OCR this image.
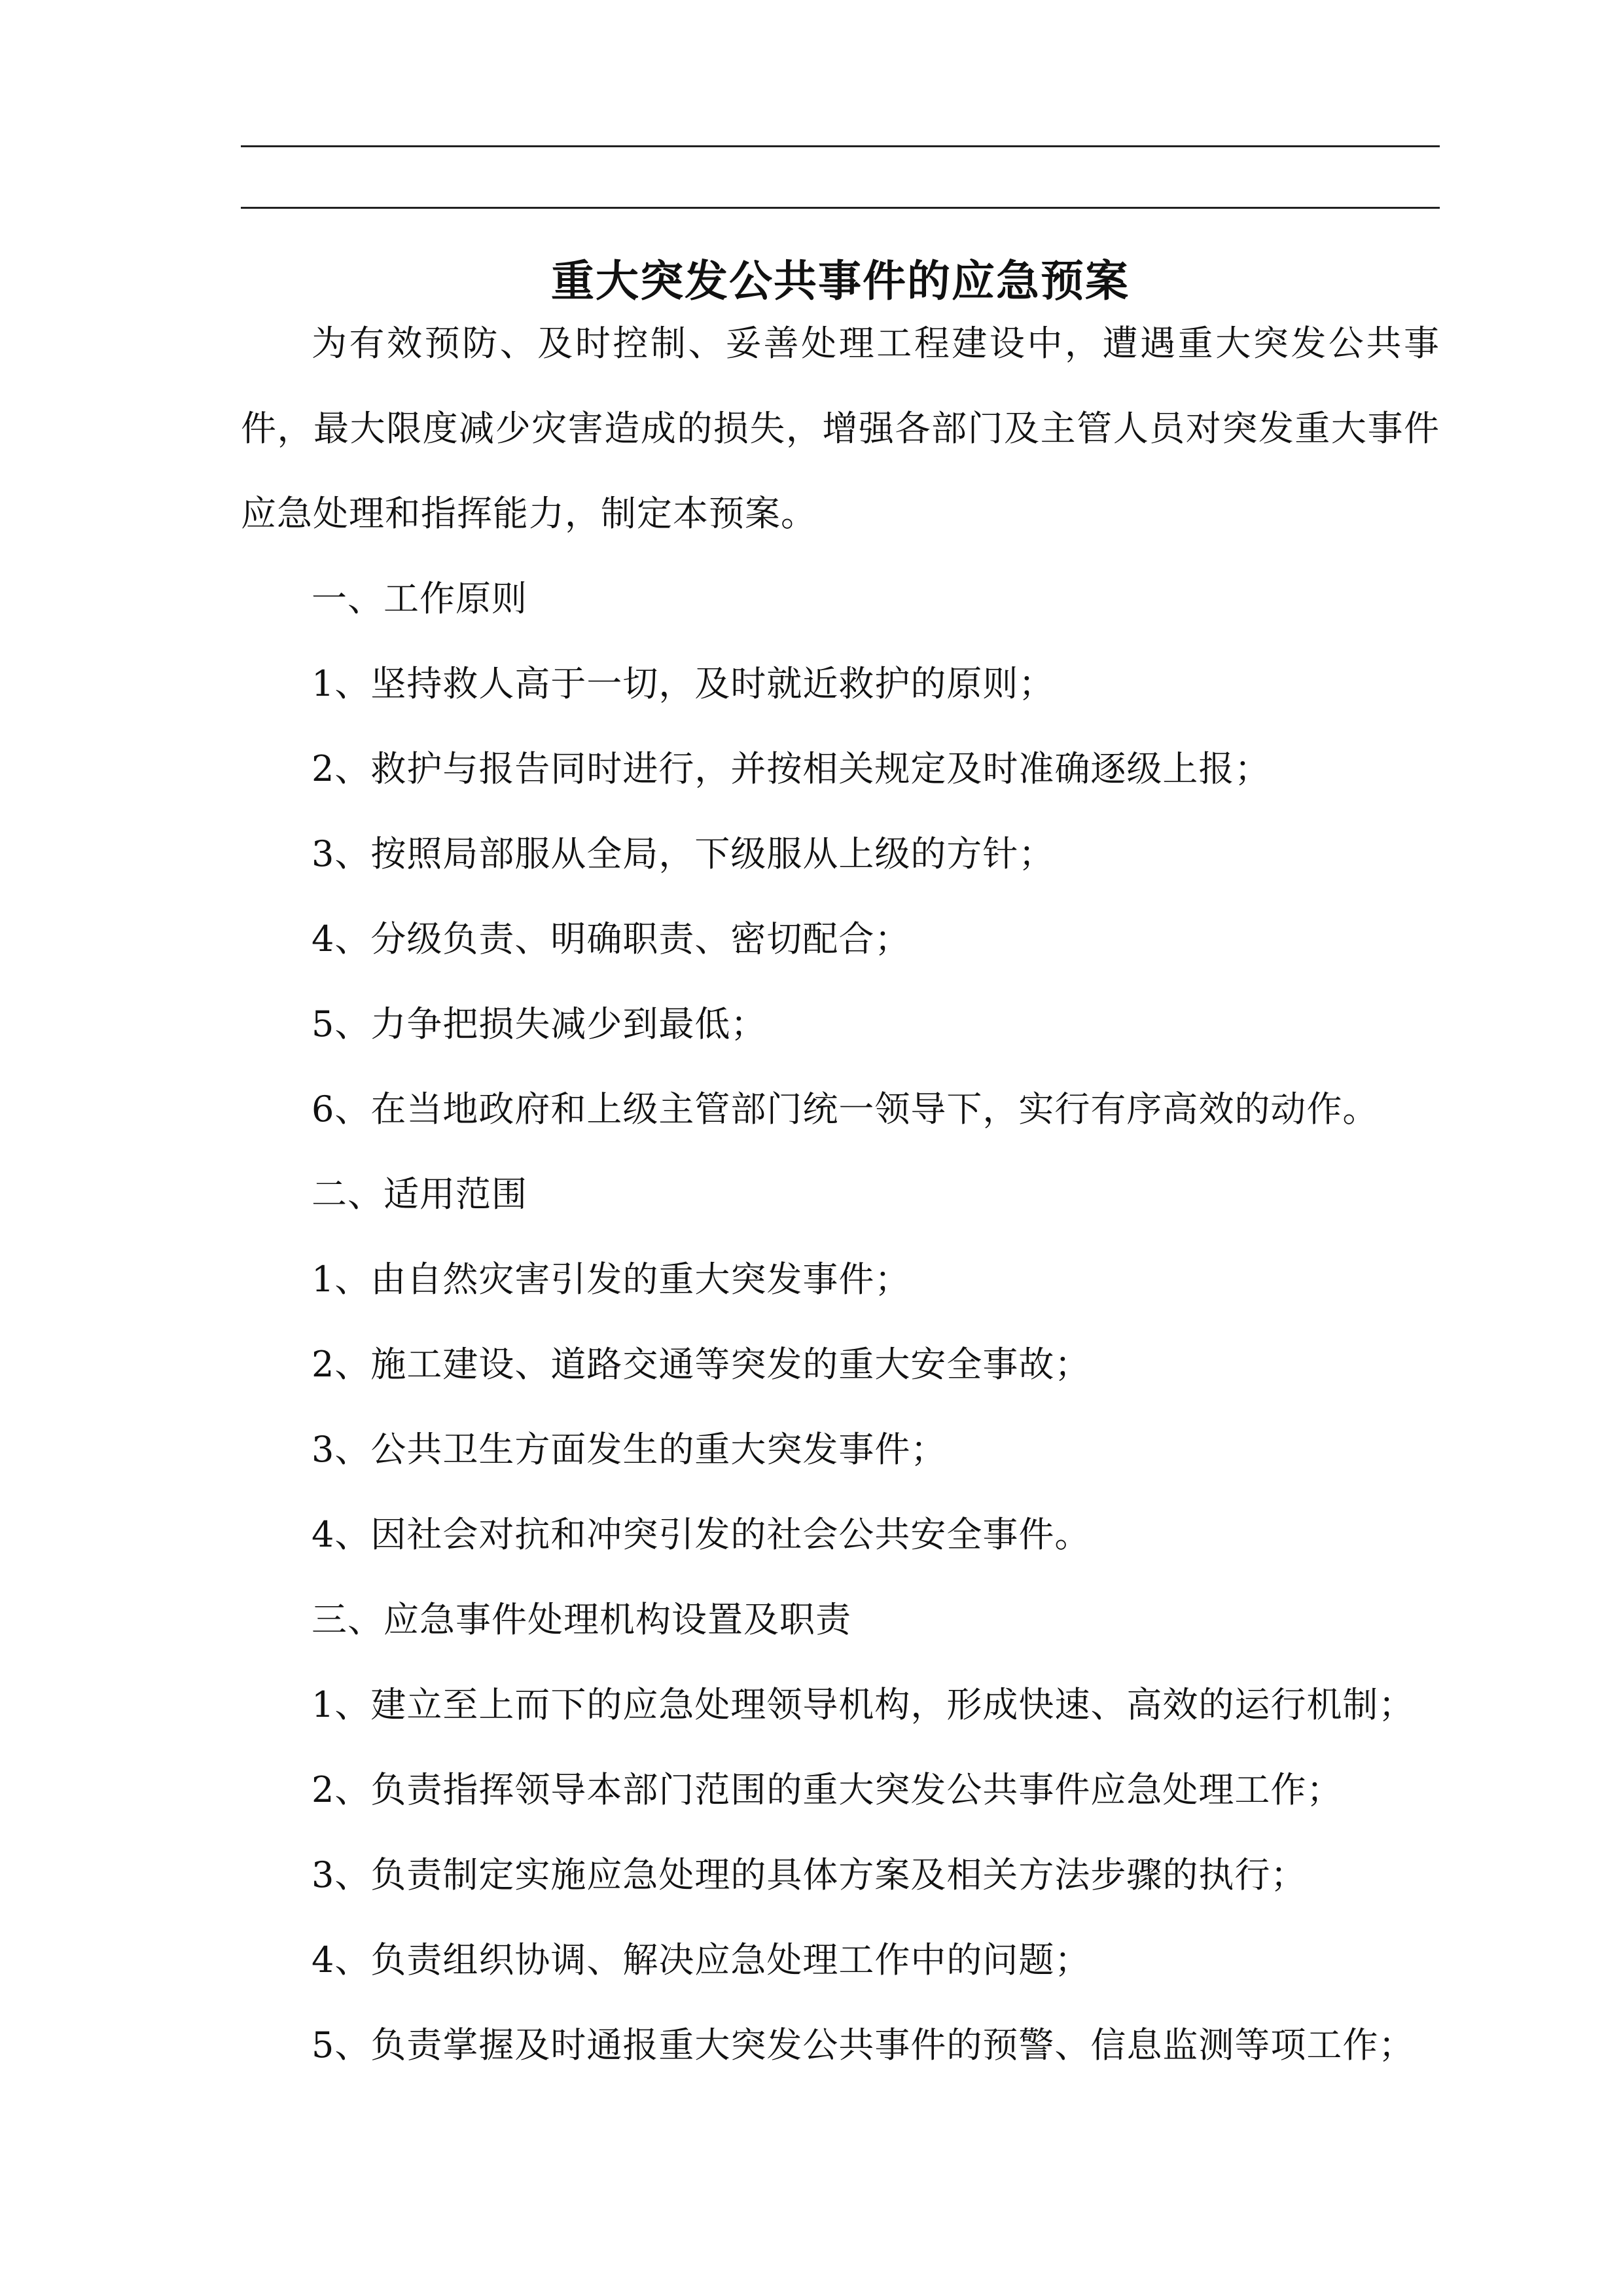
重大突发公共事件的应急预案

为有效预防、及时控制、妥善处理工程建设中，遭遇重大突发公共事件，最大限度减少灾害造成的损失，增强各部门及主管人员对突发重大事件应急处理和指挥能力，制定本预案。

一、工作原则

1、坚持救人高于一切，及时就近救护的原则；

2、救护与报告同时进行，并按相关规定及时准确逐级上报；

3、按照局部服从全局，下级服从上级的方针；

4、分级负责、明确职责、密切配合；

5、力争把损失减少到最低；

6、在当地政府和上级主管部门统一领导下，实行有序高效的动作。

二、适用范围

1、由自然灾害引发的重大突发事件；

2、施工建设、道路交通等突发的重大安全事故；

3、公共卫生方面发生的重大突发事件；

4、因社会对抗和冲突引发的社会公共安全事件。

三、应急事件处理机构设置及职责

1、建立至上而下的应急处理领导机构，形成快速、高效的运行机制；

2、负责指挥领导本部门范围的重大突发公共事件应急处理工作；

3、负责制定实施应急处理的具体方案及相关方法步骤的执行；

4、负责组织协调、解决应急处理工作中的问题；

5、负责掌握及时通报重大突发公共事件的预警、信息监测等项工作；
